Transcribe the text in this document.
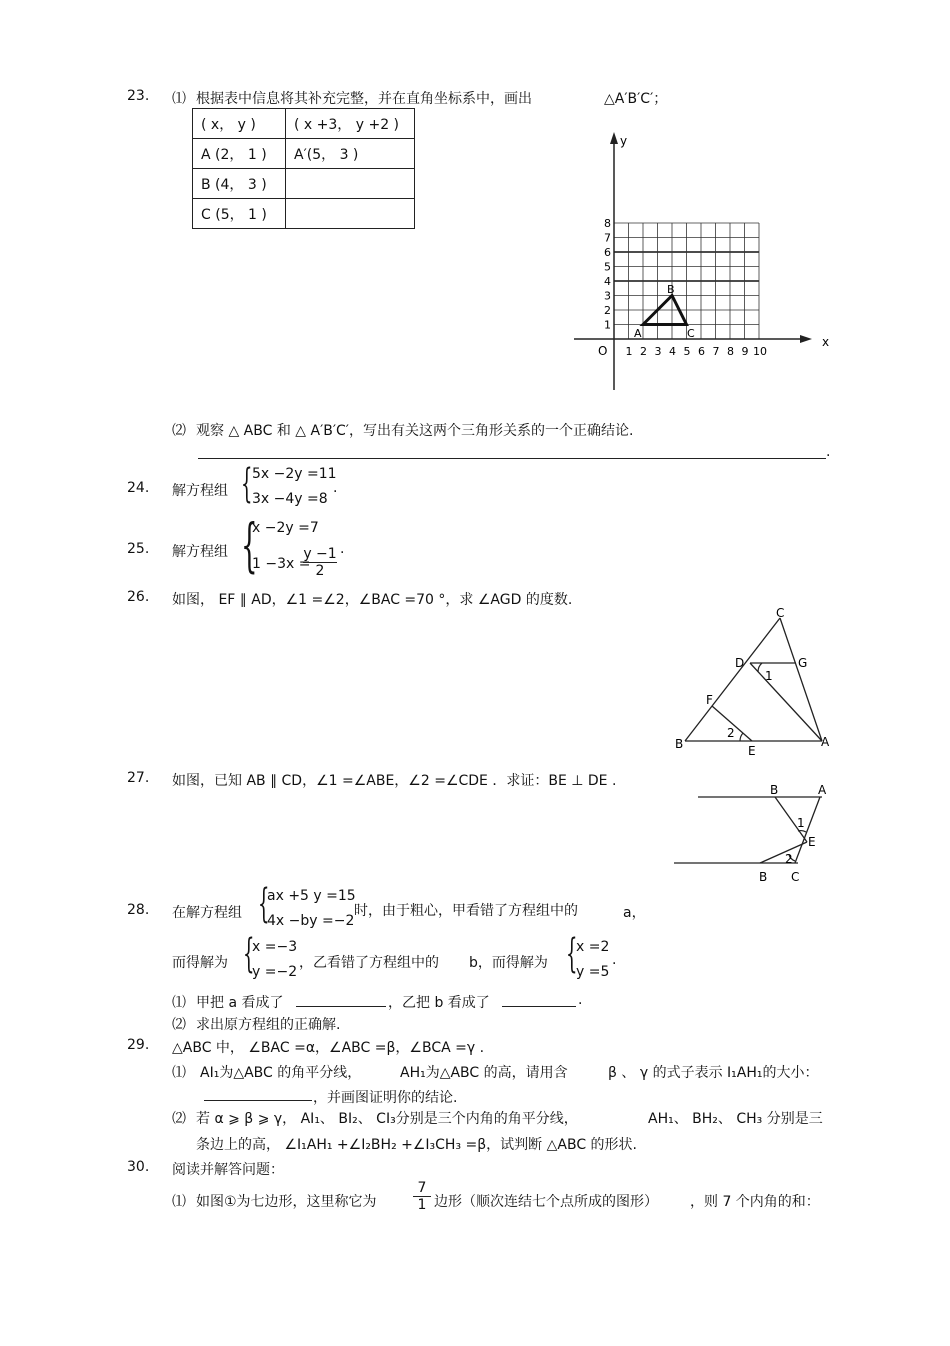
23. ⑴ 根据表中信息将其补充完整，并在直角坐标系中，画出	△A′B′C′；
( x， y )	( x +3， y +2 )
A (2， 1 )	A′(5， 3 )
B (4， 3 )	
C (5， 1 )	
y
x
O
1
2
3
4
5
6
7
8
1 2 3 4 5 6 7 8 9 10
A
B
C
⑵ 观察 △ ABC 和 △ A′B′C′，写出有关这两个三角形关系的一个正确结论.
.
24. 解方程组 { 5x −2y =11
3x −4y =8
.
25. 解方程组 {
x −2y =7
1 −3x =
$\frac{y -1}{2}$ .
26. 如图， EF ∥ AD，∠1 =∠2，∠BAC =70 °，求 ∠AGD 的度数.
C
D	G
1
F
2
B	E
A
27. 如图，已知 AB ∥ CD，∠1 =∠ABE，∠2 =∠CDE ．求证：BE ⊥ DE .
B	A
1
E
2
B C
28. 在解方程组 {
ax +5 y =15
4x −by =−2
时，由于粗心，甲看错了方程组中的	a，
而得解为 {
x =−3
y =−2
，乙看错了方程组中的 b，而得解为 {
x =2
y =5
.
⑴ 甲把 a 看成了	，乙把 b 看成了	.
⑵ 求出原方程组的正确解.
29. △ABC 中， ∠BAC =α，∠ABC =β，∠BCA =γ .
⑴ AI₁为△ABC 的角平分线，	AH₁为△ABC 的高，请用含	β 、 γ 的式子表示 I₁AH₁的大小：
，并画图证明你的结论.
⑵ 若 α ⩾ β ⩾ γ， AI₁、 BI₂、 CI₃分别是三个内角的角平分线，	AH₁、 BH₂、 CH₃ 分别是三
条边上的高， ∠I₁AH₁ +∠I₂BH₂ +∠I₃CH₃ =β，试判断 △ABC 的形状.
30. 阅读并解答问题：
⑴ 如图①为七边形，这里称它为	$\frac{7}{1}$ 边形（顺次连结七个点所成的图形） ，则 7 个内角的和：
